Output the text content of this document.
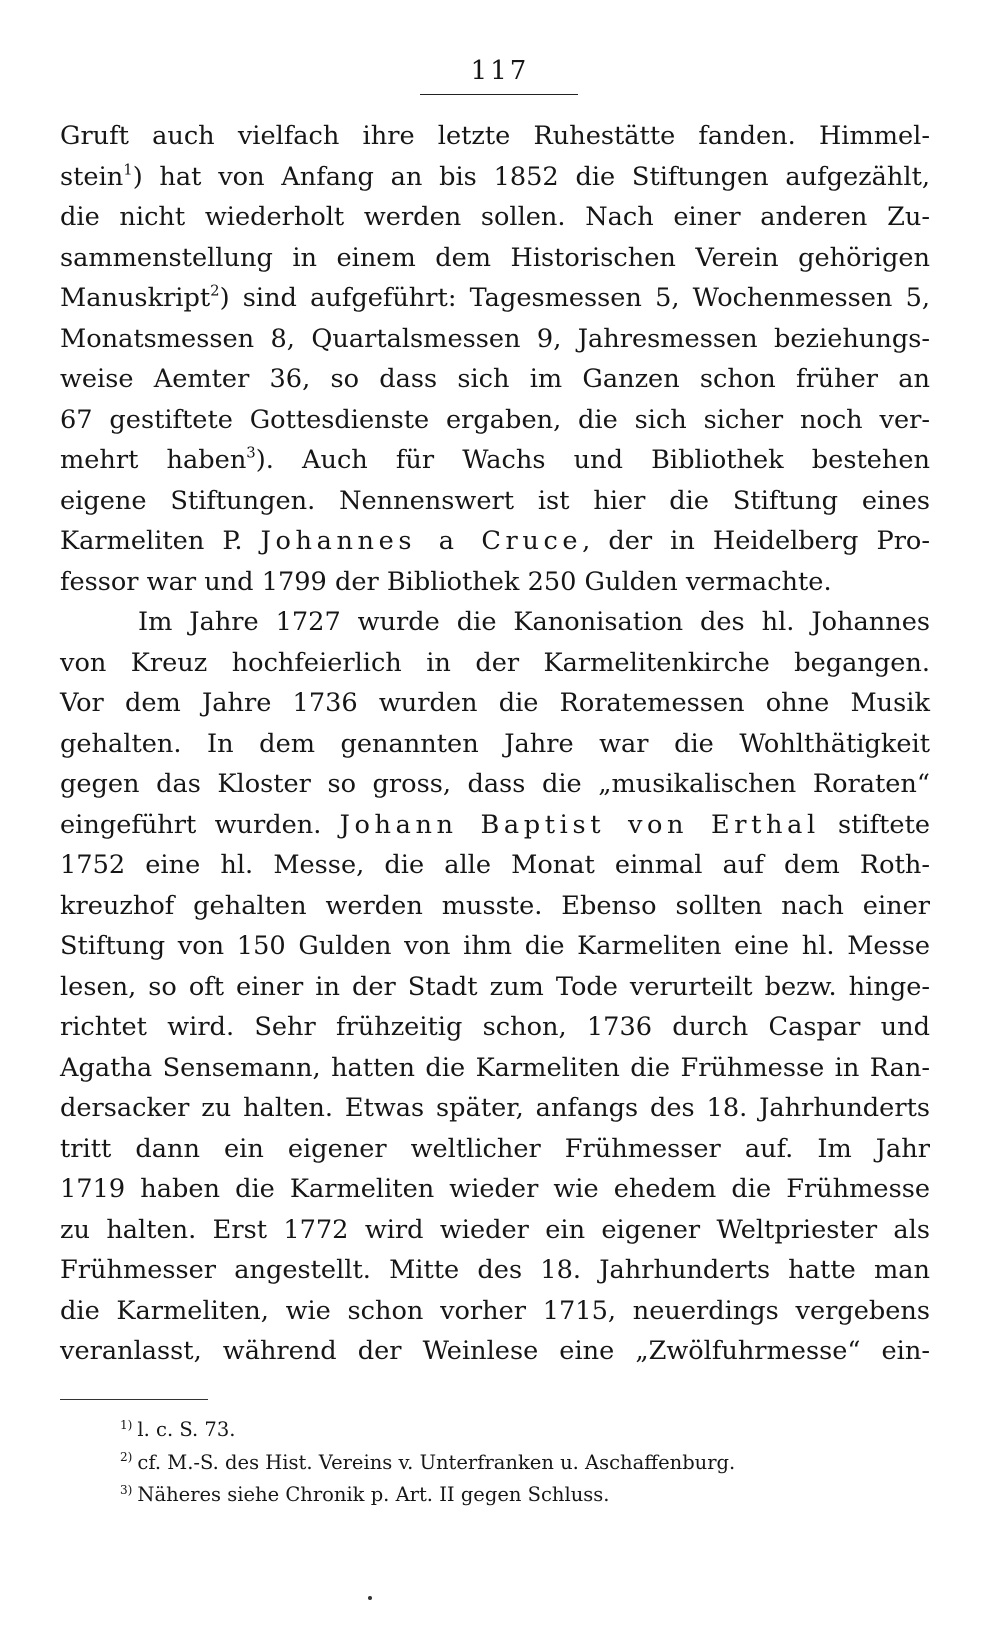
117
Gruft auch vielfach ihre letzte Ruhestätte fanden. Himmel-
stein$^1$) hat von Anfang an bis 1852 die Stiftungen aufgezählt,
die nicht wiederholt werden sollen. Nach einer anderen Zu-
sammenstellung in einem dem Historischen Verein gehörigen
Manuskript$^2$) sind aufgeführt: Tagesmessen 5, Wochenmessen 5,
Monatsmessen 8, Quartalsmessen 9, Jahresmessen beziehungs-
weise Aemter 36, so dass sich im Ganzen schon früher an
67 gestiftete Gottesdienste ergaben, die sich sicher noch ver-
mehrt haben$^3$). Auch für Wachs und Bibliothek bestehen
eigene Stiftungen. Nennenswert ist hier die Stiftung eines
Karmeliten P. Johannes a Cruce, der in Heidelberg Pro-
fessor war und 1799 der Bibliothek 250 Gulden vermachte.
Im Jahre 1727 wurde die Kanonisation des hl. Johannes
von Kreuz hochfeierlich in der Karmelitenkirche begangen.
Vor dem Jahre 1736 wurden die Roratemessen ohne Musik
gehalten. In dem genannten Jahre war die Wohlthätigkeit
gegen das Kloster so gross, dass die „musikalischen Roraten“
eingeführt wurden. Johann Baptist von Erthal stiftete
1752 eine hl. Messe, die alle Monat einmal auf dem Roth-
kreuzhof gehalten werden musste. Ebenso sollten nach einer
Stiftung von 150 Gulden von ihm die Karmeliten eine hl. Messe
lesen, so oft einer in der Stadt zum Tode verurteilt bezw. hinge-
richtet wird. Sehr frühzeitig schon, 1736 durch Caspar und
Agatha Sensemann, hatten die Karmeliten die Frühmesse in Ran-
dersacker zu halten. Etwas später, anfangs des 18. Jahrhunderts
tritt dann ein eigener weltlicher Frühmesser auf. Im Jahr
1719 haben die Karmeliten wieder wie ehedem die Frühmesse
zu halten. Erst 1772 wird wieder ein eigener Weltpriester als
Frühmesser angestellt. Mitte des 18. Jahrhunderts hatte man
die Karmeliten, wie schon vorher 1715, neuerdings vergebens
veranlasst, während der Weinlese eine „Zwölfuhrmesse“ ein-
$^{1)}$ l. c. S. 73.
$^{2)}$ cf. M.-S. des Hist. Vereins v. Unterfranken u. Aschaffenburg.
$^{3)}$ Näheres siehe Chronik p. Art. II gegen Schluss.
